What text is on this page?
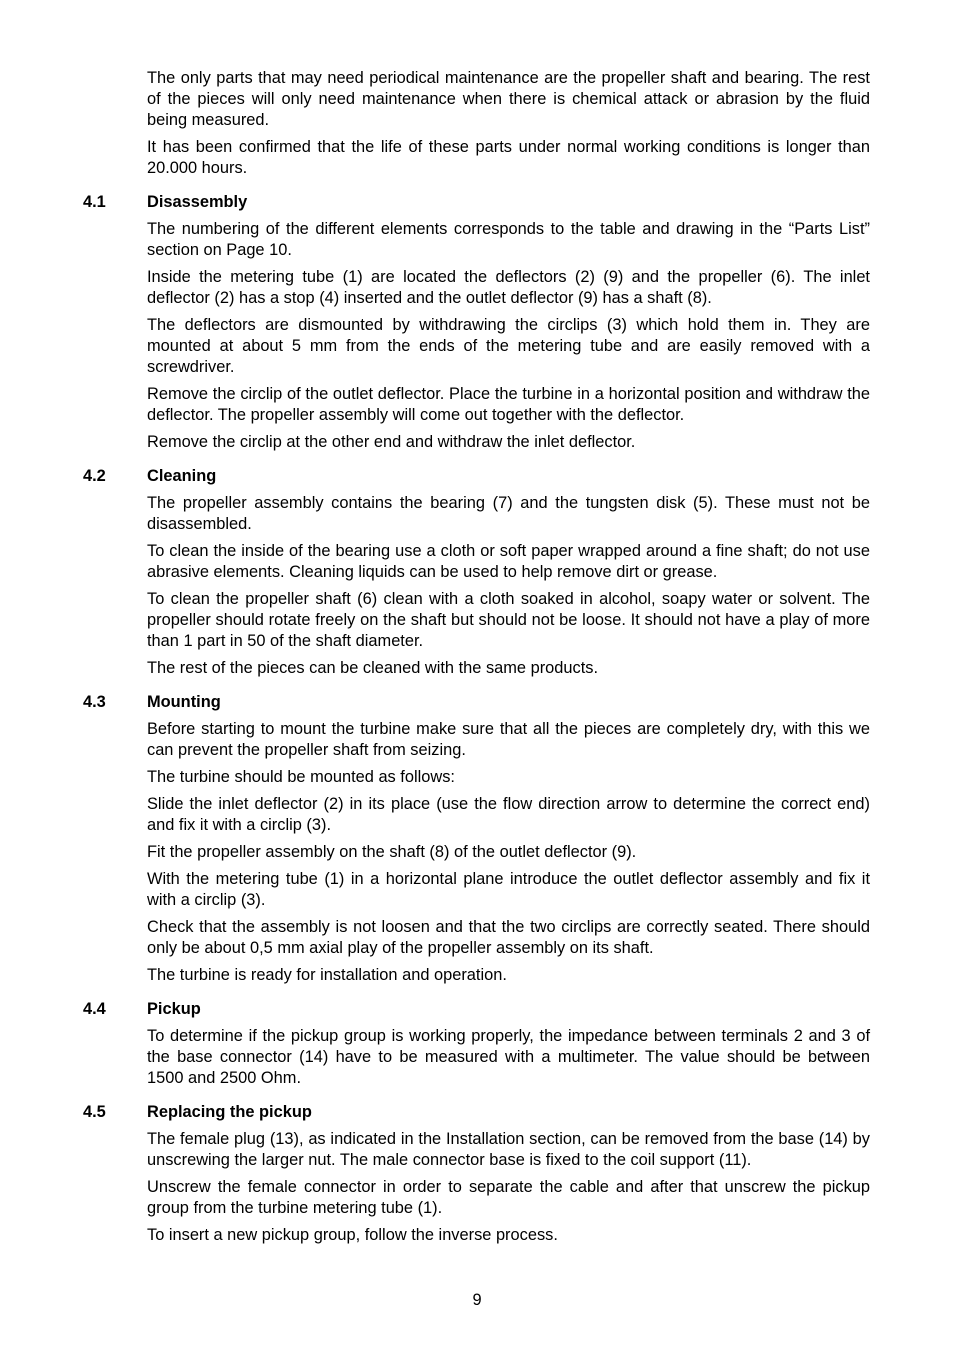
The only parts that may need periodical maintenance are the propeller shaft and bearing. The rest of the pieces will only need maintenance when there is chemical attack or abrasion by the fluid being measured.

It has been confirmed that the life of these parts under normal working conditions is longer than 20.000 hours.

4.1	Disassembly

The numbering of the different elements corresponds to the table and drawing in the “Parts List” section on Page 10.

Inside the metering tube (1) are located the deflectors (2) (9) and the propeller (6). The inlet deflector (2) has a stop (4) inserted and the outlet deflector (9) has a shaft (8).

The deflectors are dismounted by withdrawing the circlips (3) which hold them in. They are mounted at about 5 mm from the ends of the metering tube and are easily removed with a screwdriver.

Remove the circlip of the outlet deflector. Place the turbine in a horizontal position and withdraw the deflector. The propeller assembly will come out together with the deflector.

Remove the circlip at the other end and withdraw the inlet deflector.

4.2	Cleaning

The propeller assembly contains the bearing (7) and the tungsten disk (5). These must not be disassembled.

To clean the inside of the bearing use a cloth or soft paper wrapped around a fine shaft; do not use abrasive elements. Cleaning liquids can be used to help remove dirt or grease.

To clean the propeller shaft (6) clean with a cloth soaked in alcohol, soapy water or solvent. The propeller should rotate freely on the shaft but should not be loose. It should not have a play of more than 1 part in 50 of the shaft diameter.

The rest of the pieces can be cleaned with the same products.

4.3	Mounting

Before starting to mount the turbine make sure that all the pieces are completely dry, with this we can prevent the propeller shaft from seizing.

The turbine should be mounted as follows:

Slide the inlet deflector (2) in its place (use the flow direction arrow to determine the correct end) and fix it with a circlip (3).

Fit the propeller assembly on the shaft (8) of the outlet deflector (9).

With the metering tube (1) in a horizontal plane introduce the outlet deflector assembly and fix it with a circlip (3).

Check that the assembly is not loosen and that the two circlips are correctly seated. There should only be about 0,5 mm axial play of the propeller assembly on its shaft.

The turbine is ready for installation and operation.

4.4	Pickup

To determine if the pickup group is working properly, the impedance between terminals 2 and 3 of the base connector (14) have to be measured with a multimeter. The value should be between 1500 and 2500 Ohm.

4.5	Replacing the pickup

The female plug (13), as indicated in the Installation section, can be removed from the base (14) by unscrewing the larger nut. The male connector base is fixed to the coil support (11).

Unscrew the female connector in order to separate the cable and after that unscrew the pickup group from the turbine metering tube (1).

To insert a new pickup group, follow the inverse process.

9
